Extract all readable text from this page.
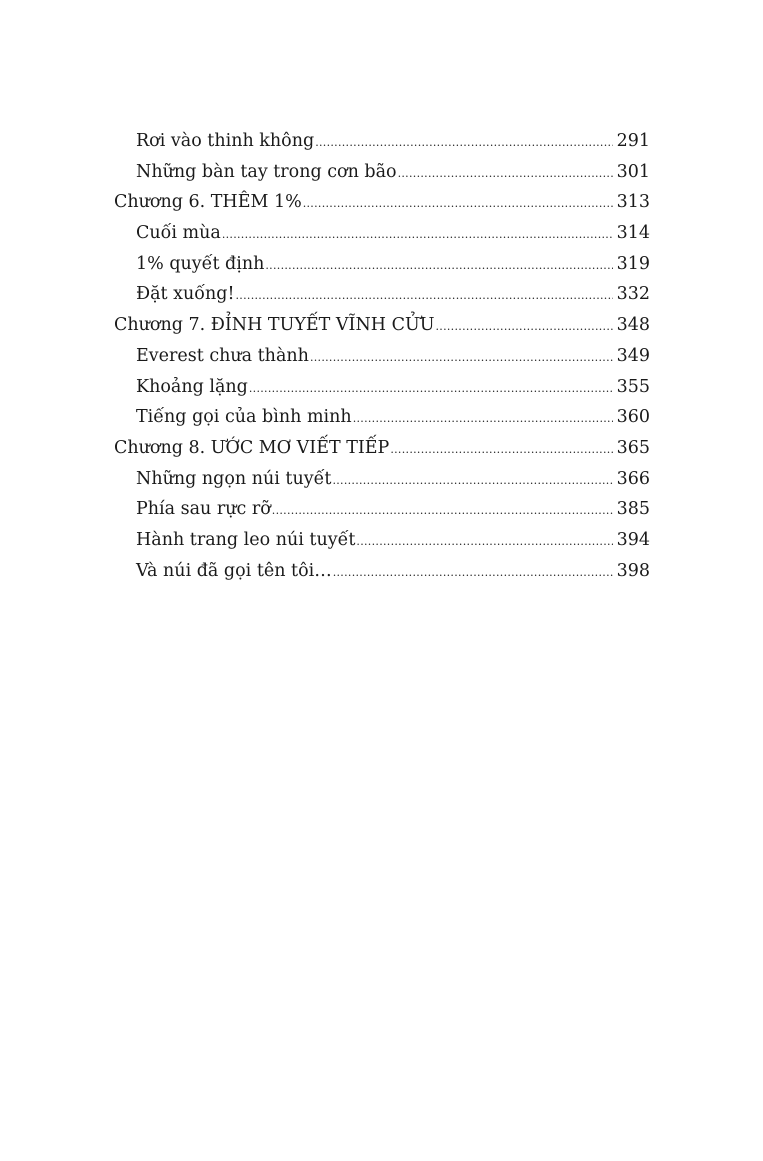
Rơi vào thinh không .....	291
Những bàn tay trong cơn bão .....	301
Chương 6. THÊM 1% .....	313
Cuối mùa .....	314
1% quyết định .....	319
Đặt xuống! .....	332
Chương 7. ĐỈNH TUYẾT VĨNH CỬU .....	348
Everest chưa thành .....	349
Khoảng lặng .....	355
Tiếng gọi của bình minh .....	360
Chương 8. ƯỚC MƠ VIẾT TIẾP .....	365
Những ngọn núi tuyết .....	366
Phía sau rực rỡ .....	385
Hành trang leo núi tuyết .....	394
Và núi đã gọi tên tôi… .....	398
